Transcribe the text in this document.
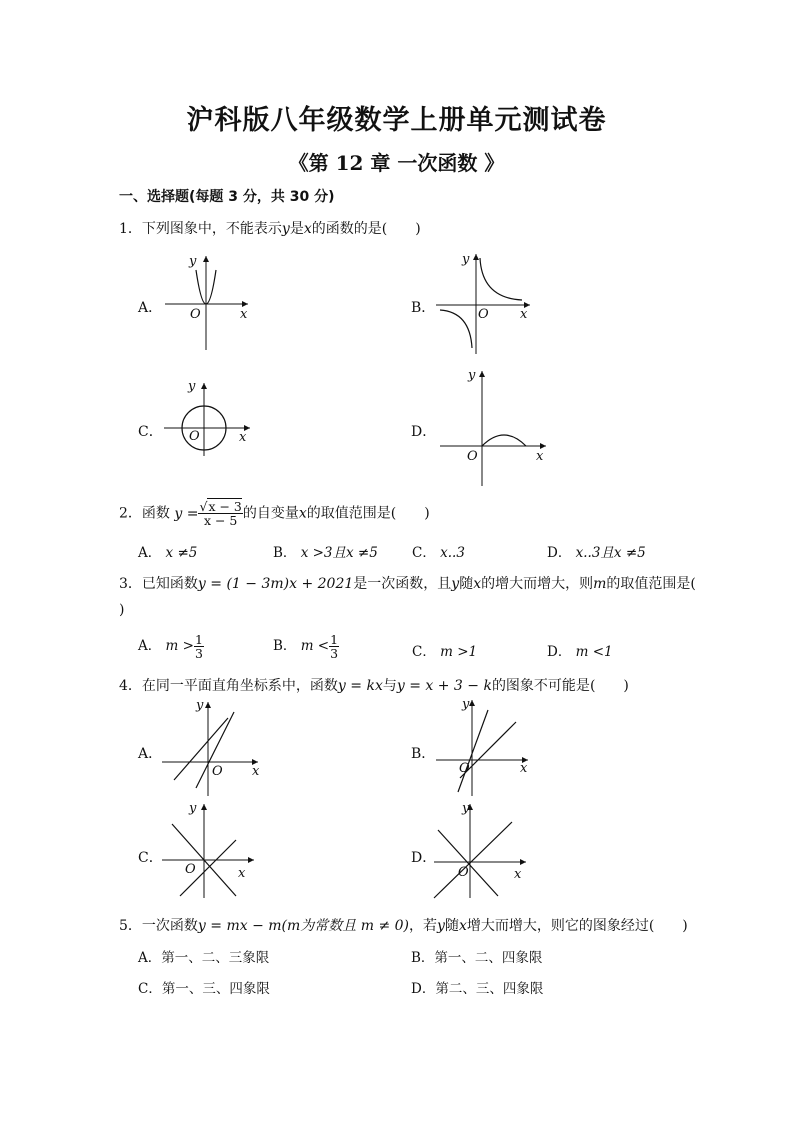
沪科版八年级数学上册单元测试卷
《第 12 章 一次函数 》
一、选择题(每题 3 分，共 30 分)
1．下列图象中，不能表示y是x的函数的是(　　)
A．
y
O	x	B．
y
O x
C．
y
O	x	D．
y
O	x
2．函数 $y = \frac{√x - 3}{x - 5}$ 的自变量x的取值范围是(　　)
A． x ≠5	B． x >3且x ≠5	C． x..3	D． x..3且x ≠5
3．已知函数y = (1 − 3m)x + 2021是一次函数，且y随x的增大而增大，则m的取值范围是(
)
A． $m > \frac{1}{3}$	B． $m < \frac{1}{3}$	C． m >1	D． m <1
4．在同一平面直角坐标系中，函数y = kx与y = x + 3 − k的图象不可能是(　　)
A．
y
O x
B．
y
O	x
C．
y
O	x
D．
y
O	x
5．一次函数y = mx − m(m为常数且 m ≠ 0)，若y随x增大而增大，则它的图象经过(　　)
A．第一、二、三象限	B．第一、二、四象限
C．第一、三、四象限	D．第二、三、四象限
